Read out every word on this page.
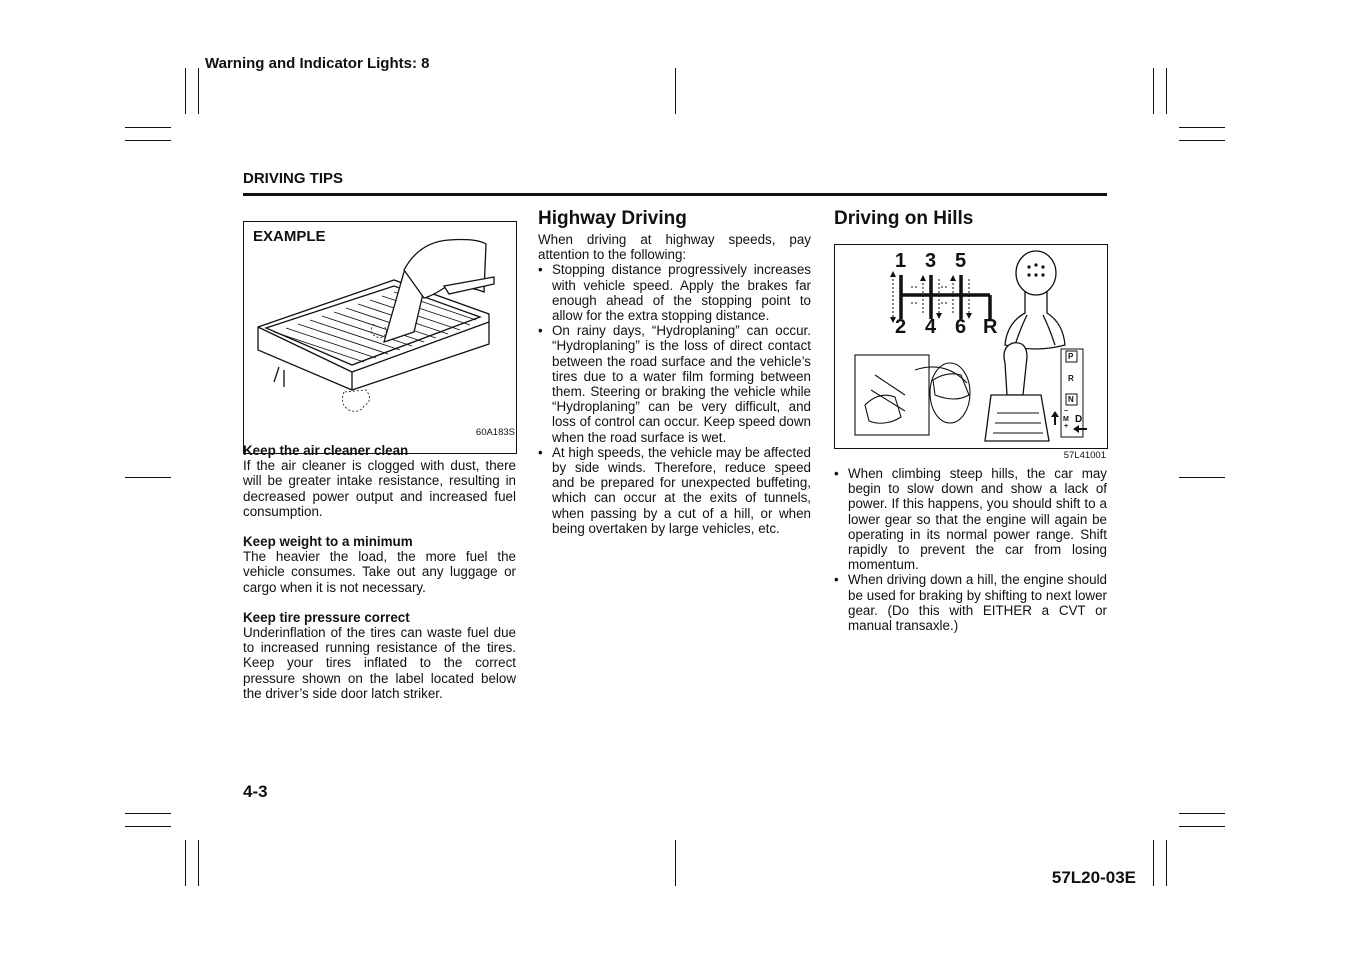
Warning and Indicator Lights: 8
DRIVING TIPS
EXAMPLE
60A183S

Keep the air cleaner clean

If the air cleaner is clogged with dust, there will be greater intake resistance, resulting in decreased power output and increased fuel consumption.

Keep weight to a minimum

The heavier the load, the more fuel the vehicle consumes. Take out any luggage or cargo when it is not necessary.

Keep tire pressure correct

Underinflation of the tires can waste fuel due to increased running resistance of the tires. Keep your tires inflated to the correct pressure shown on the label located below the driver’s side door latch striker.

Highway Driving

When driving at highway speeds, pay attention to the following:

• Stopping distance progressively increases with vehicle speed. Apply the brakes far enough ahead of the stopping point to allow for the extra stopping distance.
• On rainy days, “Hydroplaning” can occur. “Hydroplaning” is the loss of direct contact between the road surface and the vehicle’s tires due to a water film forming between them. Steering or braking the vehicle while “Hydroplaning” can be very difficult, and loss of control can occur. Keep speed down when the road surface is wet.
• At high speeds, the vehicle may be affected by side winds. Therefore, reduce speed and be prepared for unexpected buffeting, which can occur at the exits of tunnels, when passing by a cut of a hill, or when being overtaken by large vehicles, etc.
Driving on Hills
1 3 5
2 4 6 R
P
R
N
D
M
−
+
57L41001
• When climbing steep hills, the car may begin to slow down and show a lack of power. If this happens, you should shift to a lower gear so that the engine will again be operating in its normal power range. Shift rapidly to prevent the car from losing momentum.
• When driving down a hill, the engine should be used for braking by shifting to next lower gear. (Do this with EITHER a CVT or manual transaxle.)
4-3
57L20-03E
